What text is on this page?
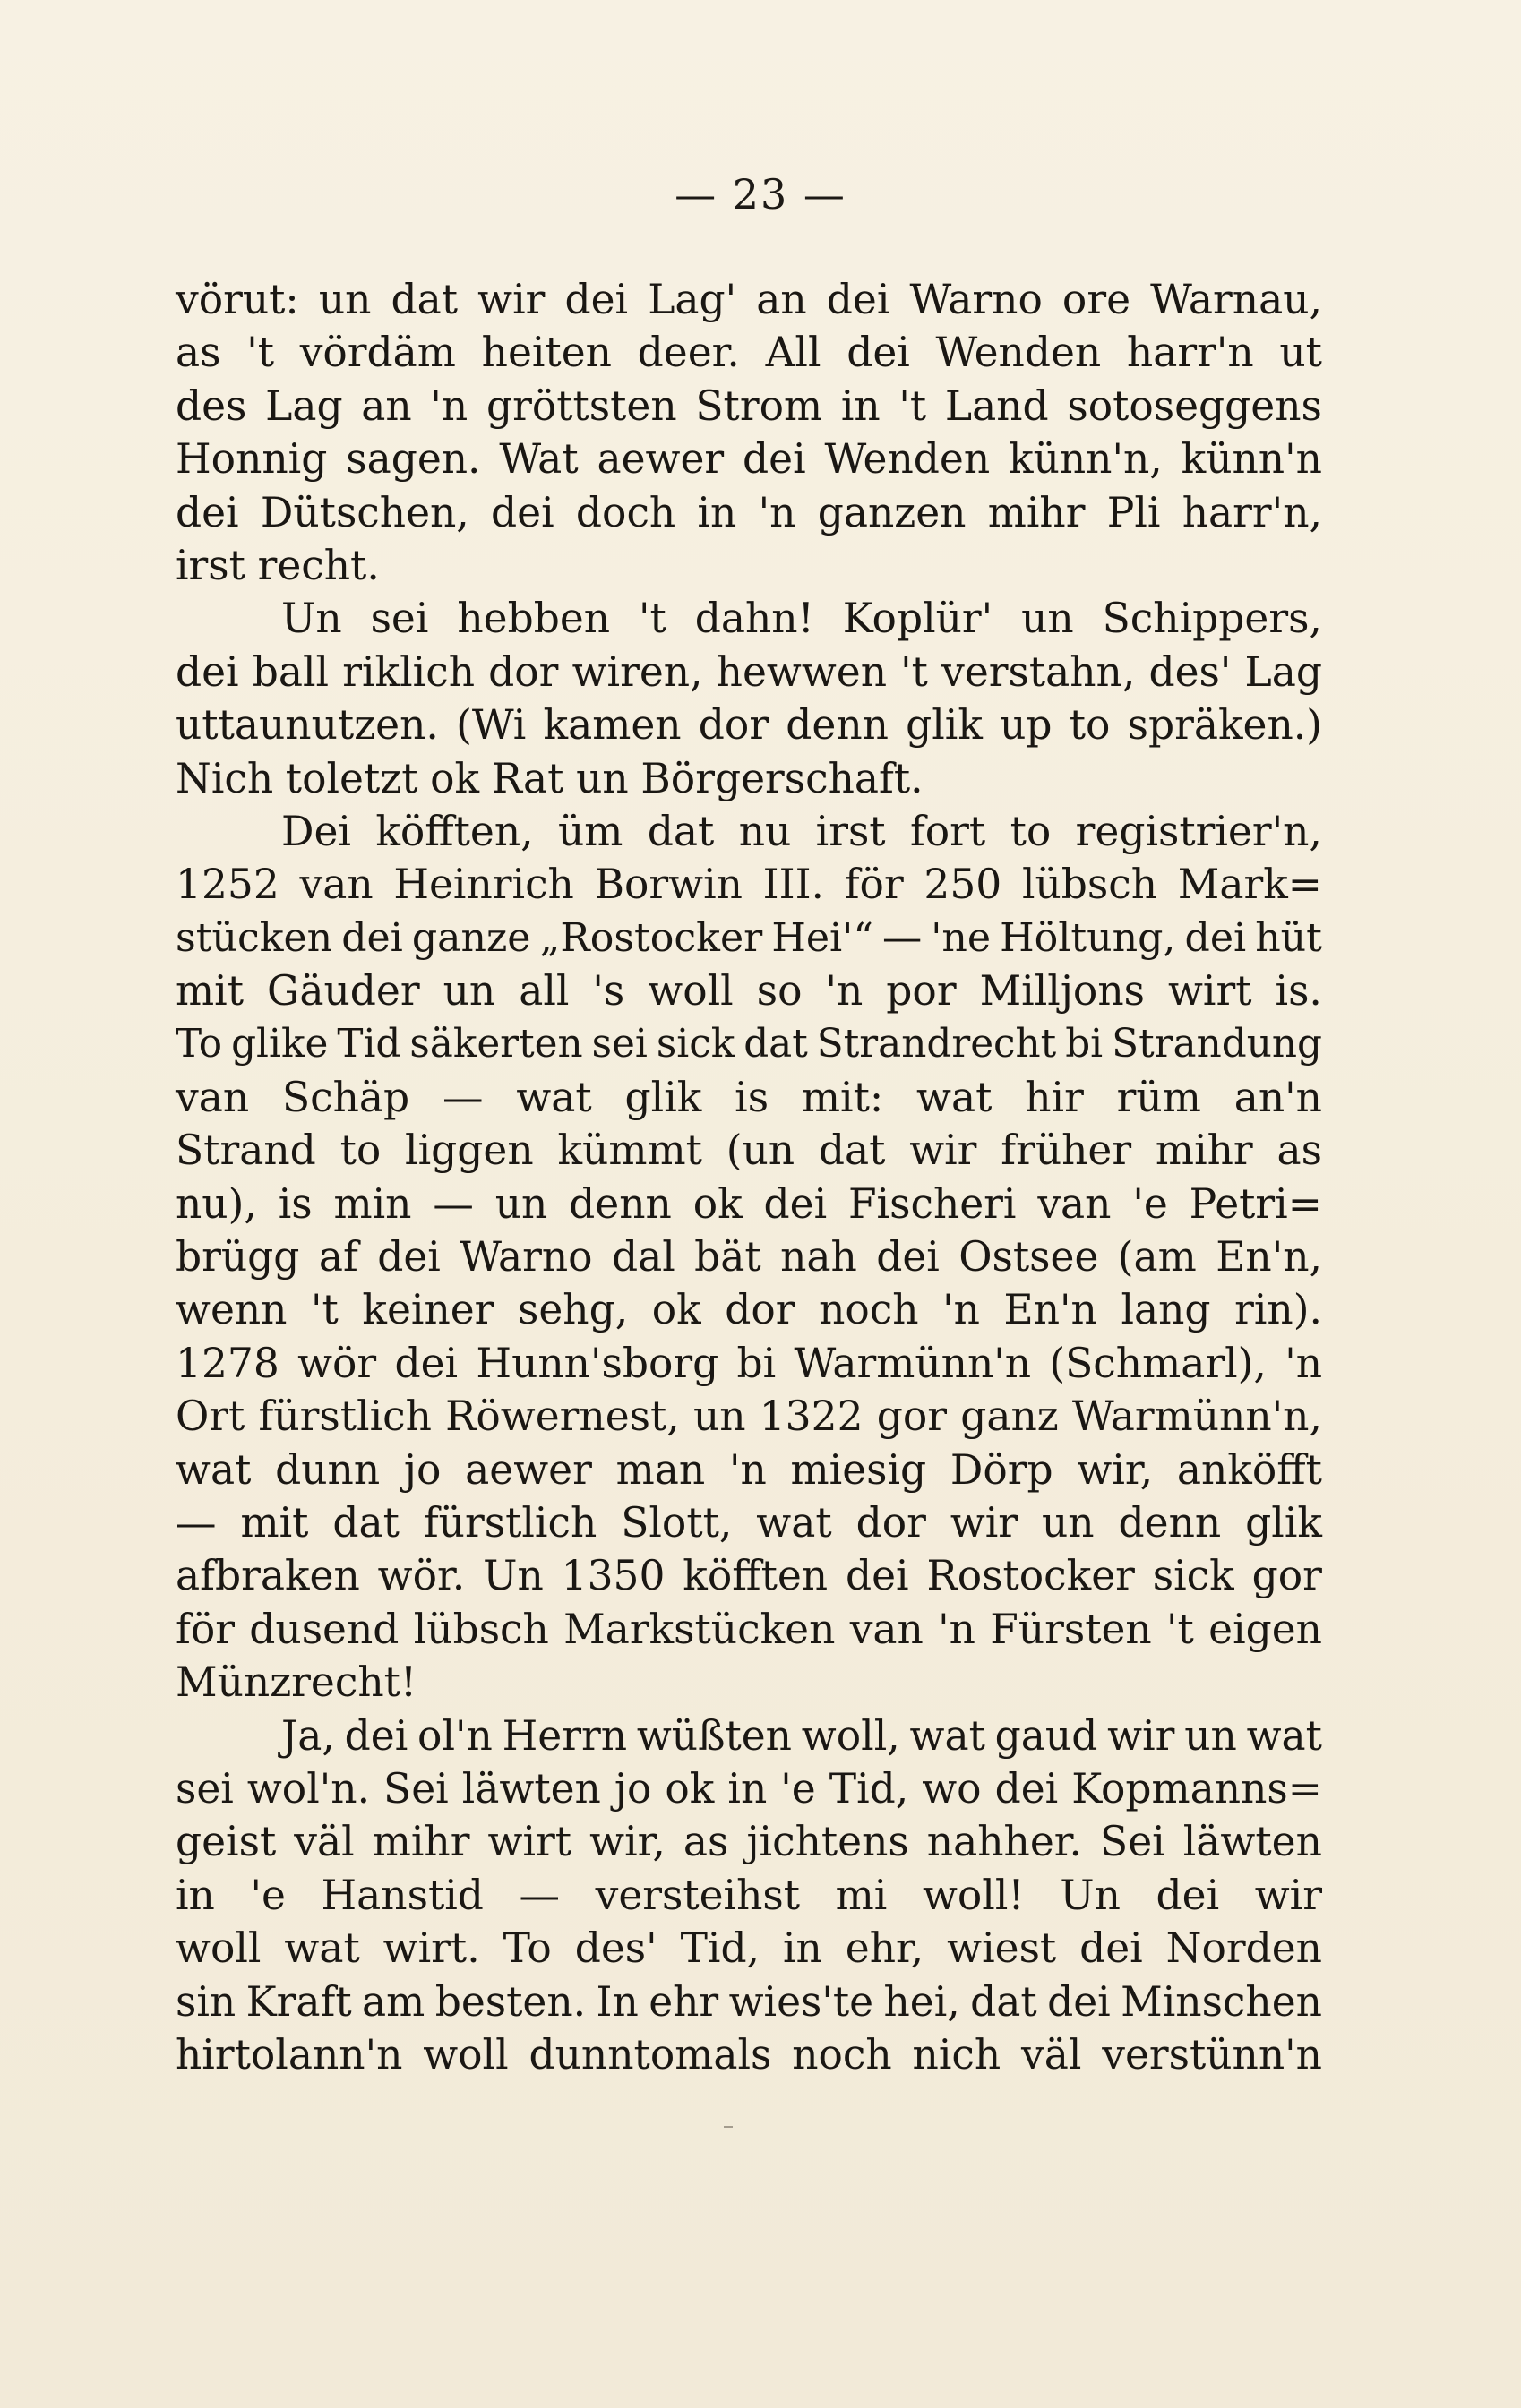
— 23 —
vörut: un dat wir dei Lag' an dei Warno ore Warnau,
as 't vördäm heiten deer. All dei Wenden harr'n ut
des Lag an 'n gröttsten Strom in 't Land sotoseggens
Honnig sagen. Wat aewer dei Wenden künn'n, künn'n
dei Dütschen, dei doch in 'n ganzen mihr Pli harr'n,
irst recht.
Un sei hebben 't dahn! Koplür' un Schippers,
dei ball riklich dor wiren, hewwen 't verstahn, des' Lag
uttaunutzen. (Wi kamen dor denn glik up to spräken.)
Nich toletzt ok Rat un Börgerschaft.
Dei köfften, üm dat nu irst fort to registrier'n,
1252 van Heinrich Borwin III. för 250 lübsch Mark=
stücken dei ganze „Rostocker Hei'“ — 'ne Höltung, dei hüt
mit Gäuder un all 's woll so 'n por Milljons wirt is.
To glike Tid säkerten sei sick dat Strandrecht bi Strandung
van Schäp — wat glik is mit: wat hir rüm an'n
Strand to liggen kümmt (un dat wir früher mihr as
nu), is min — un denn ok dei Fischeri van 'e Petri=
brügg af dei Warno dal bät nah dei Ostsee (am En'n,
wenn 't keiner sehg, ok dor noch 'n En'n lang rin).
1278 wör dei Hunn'sborg bi Warmünn'n (Schmarl), 'n
Ort fürstlich Röwernest, un 1322 gor ganz Warmünn'n,
wat dunn jo aewer man 'n miesig Dörp wir, anköfft
— mit dat fürstlich Slott, wat dor wir un denn glik
afbraken wör. Un 1350 köfften dei Rostocker sick gor
för dusend lübsch Markstücken van 'n Fürsten 't eigen
Münzrecht!
Ja, dei ol'n Herrn wüßten woll, wat gaud wir un wat
sei wol'n. Sei läwten jo ok in 'e Tid, wo dei Kopmanns=
geist väl mihr wirt wir, as jichtens nahher. Sei läwten
in 'e Hanstid — versteihst mi woll! Un dei wir
woll wat wirt. To des' Tid, in ehr, wiest dei Norden
sin Kraft am besten. In ehr wies'te hei, dat dei Minschen
hirtolann'n woll dunntomals noch nich väl verstünn'n
